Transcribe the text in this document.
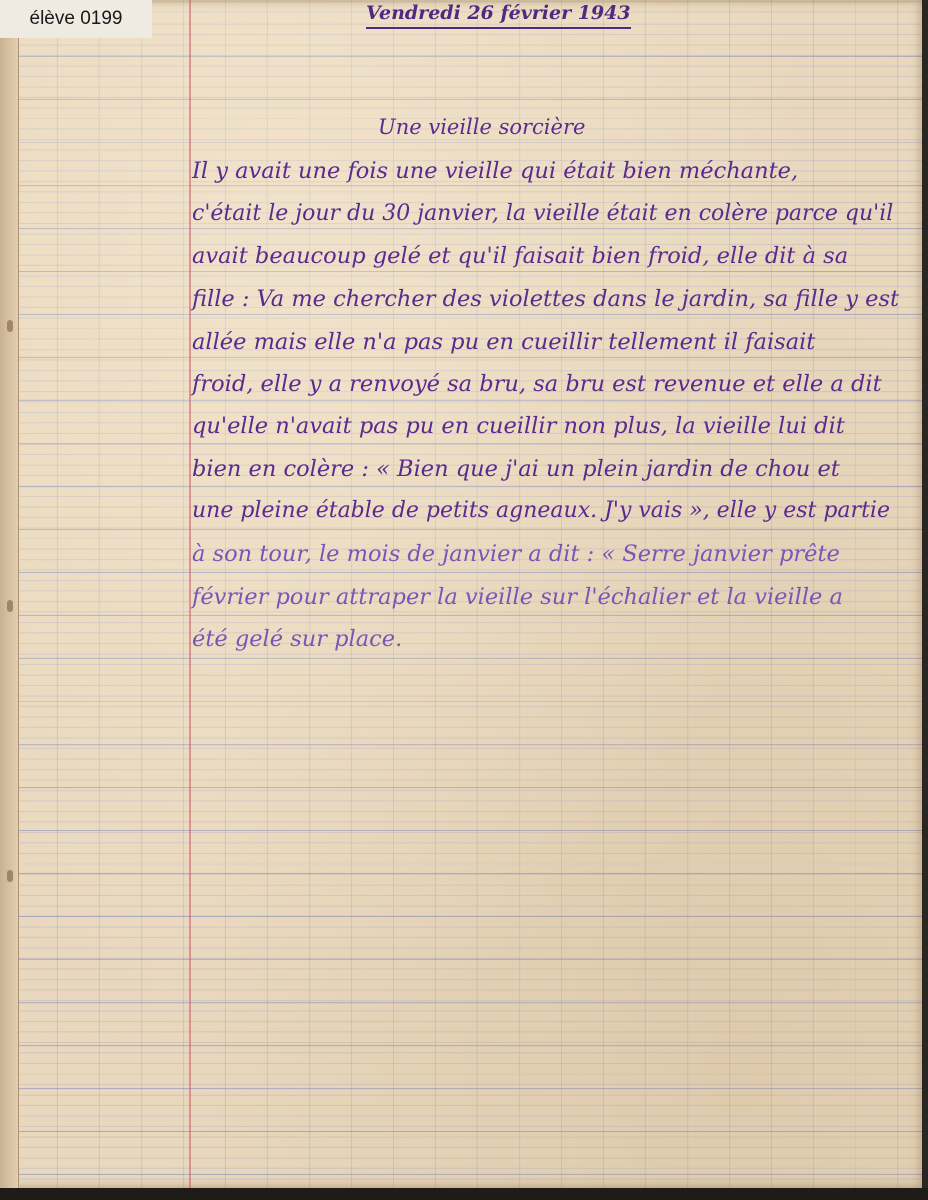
Vendredi 26 février 1943
Une vieille sorcière
Il y avait une fois une vieille qui était bien méchante,
c'était le jour du 30 janvier, la vieille était en colère parce qu'il
avait beaucoup gelé et qu'il faisait bien froid, elle dit à sa
fille : Va me chercher des violettes dans le jardin, sa fille y est
allée mais elle n'a pas pu en cueillir tellement il faisait
froid, elle y a renvoyé sa bru, sa bru est revenue et elle a dit
qu'elle n'avait pas pu en cueillir non plus, la vieille lui dit
bien en colère : « Bien que j'ai un plein jardin de chou et
une pleine étable de petits agneaux. J'y vais », elle y est partie
à son tour, le mois de janvier a dit : « Serre janvier prête
février pour attraper la vieille sur l'échalier et la vieille a
été gelé sur place.
élève 0199
